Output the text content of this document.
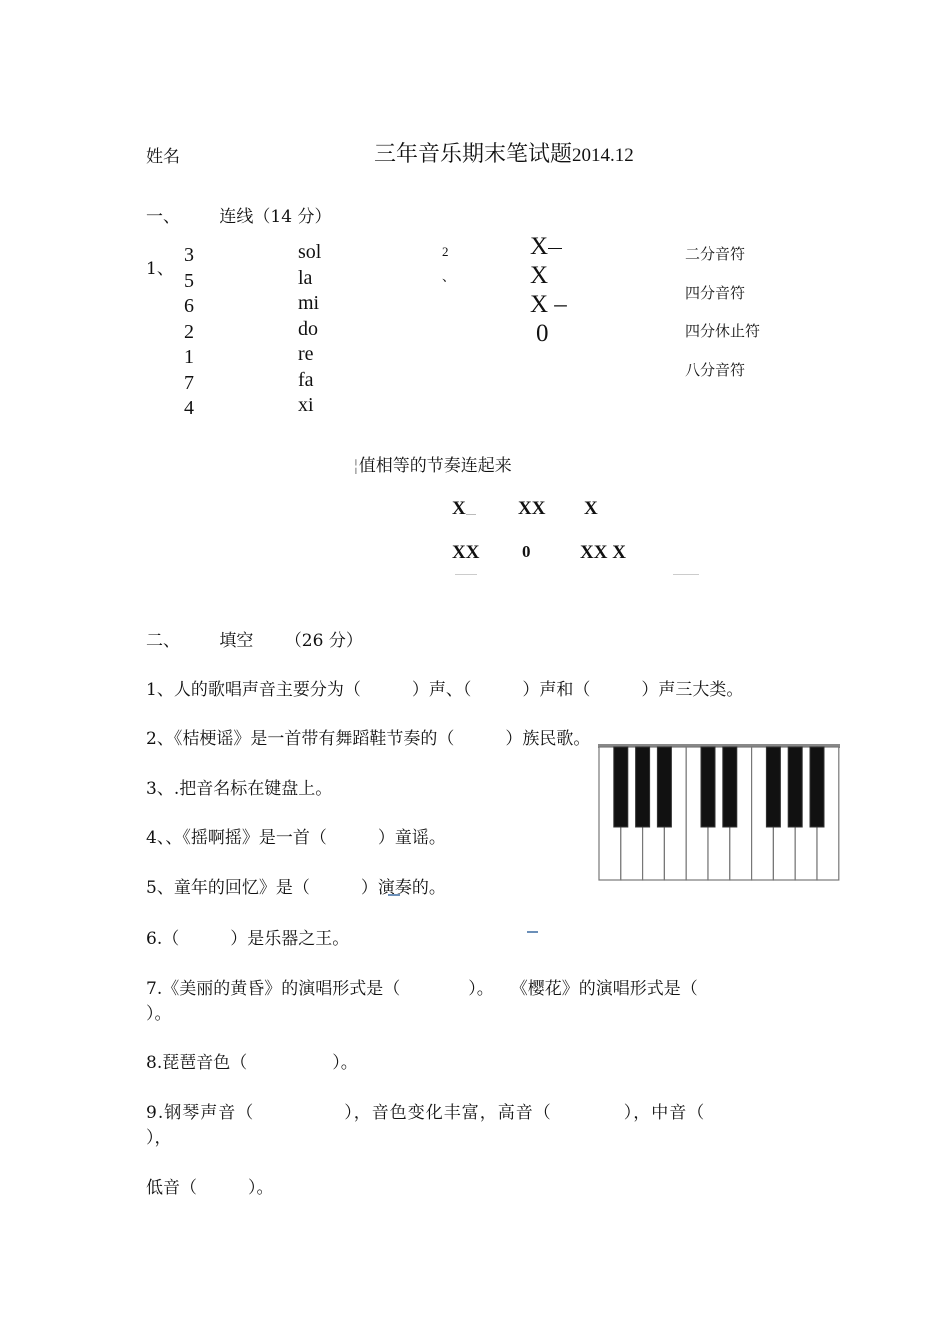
姓名	三年音乐期末笔试题2014.12
一、 连线（14 分）
1、
3
5
6
2
1
7
4
sol
la
mi
do
re
fa
xi
2
、
X
X
X –
0
二分音符
四分音符
四分休止符
八分音符
¦值相等的节奏连起来
X	XX X
XX	0	XX X
二、 填空 （26 分）
1、人的歌唱声音主要分为（　　　）声、（　　　）声和（　　　）声三大类。
2、《桔梗谣》是一首带有舞蹈鞋节奏的（　　　）族民歌。
3、.把音名标在键盘上。
4、、《摇啊摇》是一首（　　　）童谣。
5、童年的回忆》是（　　　）演奏的。
6.（　　　）是乐器之王。
7.《美丽的黄昏》的演唱形式是（　　　　）。　　《樱花》的演唱形式是（
）。
8.琵琶音色（　　　　　）。
9.钢琴声音（　　　　　），音色变化丰富，高音（　　　　），中音（
），
低音（　　　）。
